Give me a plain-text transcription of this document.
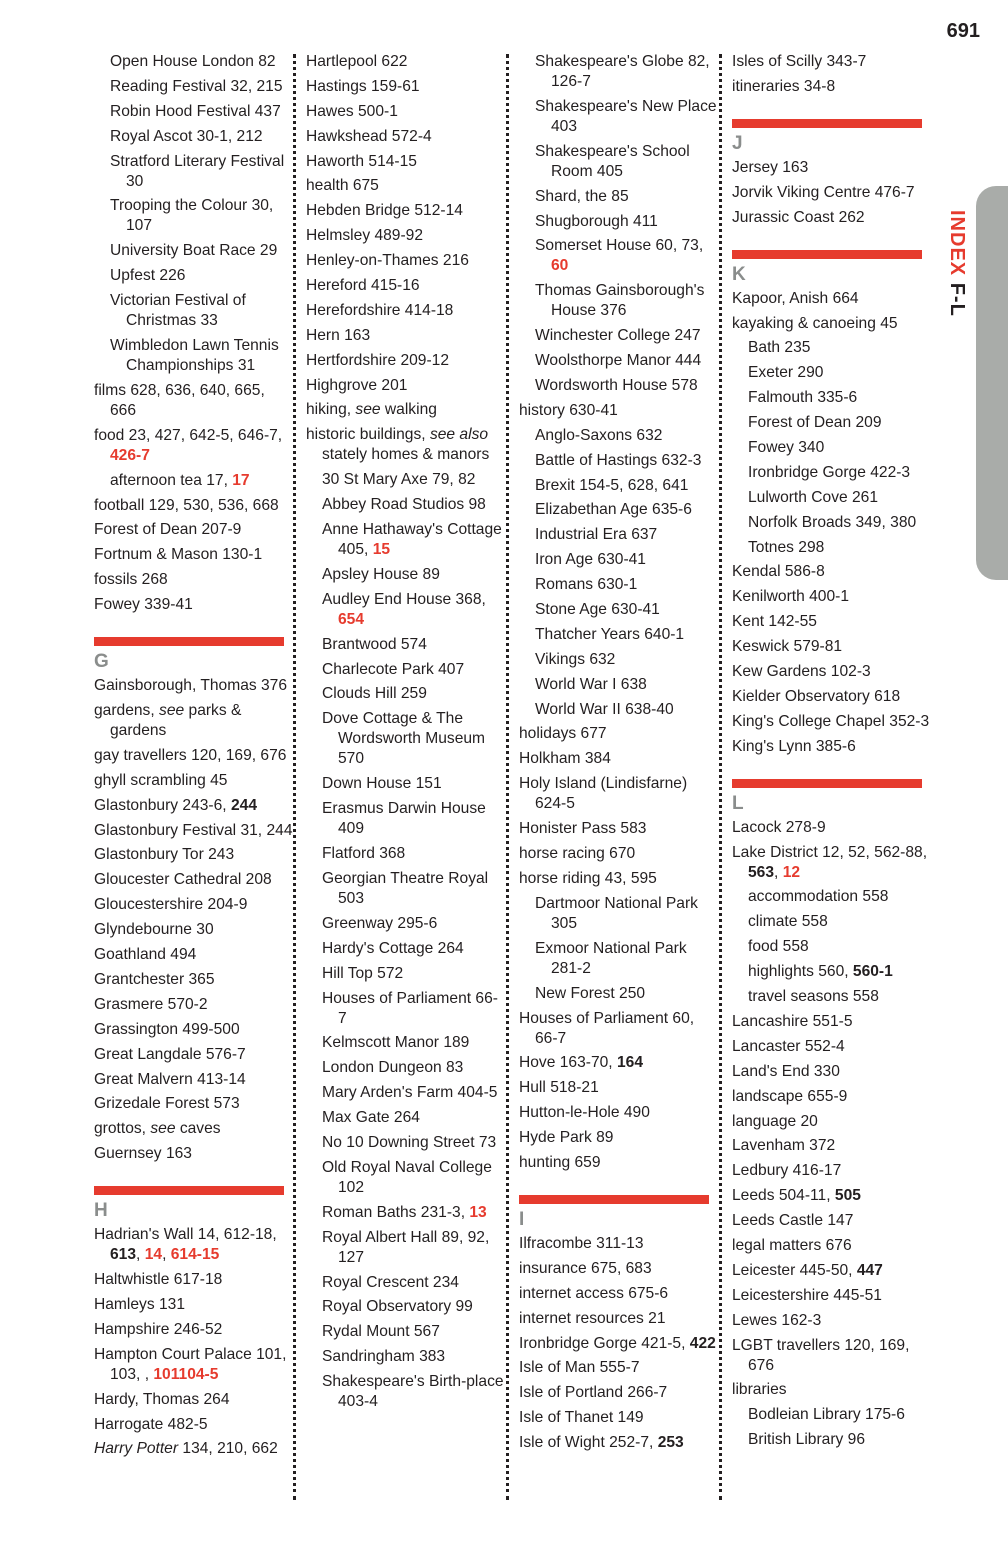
691
INDEX F-L
Open House London 82
Reading Festival 32, 215
Robin Hood Festival 437
Royal Ascot 30-1, 212
Stratford Literary Festival 30
Trooping the Colour 30, 107
University Boat Race 29
Upfest 226
Victorian Festival of Christmas 33
Wimbledon Lawn Tennis Championships 31
films 628, 636, 640, 665, 666
food 23, 427, 642-5, 646-7, 426-7
afternoon tea 17, 17
football 129, 530, 536, 668
Forest of Dean 207-9
Fortnum & Mason 130-1
fossils 268
Fowey 339-41
G
Gainsborough, Thomas 376
gardens, see parks & gardens
gay travellers 120, 169, 676
ghyll scrambling 45
Glastonbury 243-6, 244
Glastonbury Festival 31, 244
Glastonbury Tor 243
Gloucester Cathedral 208
Gloucestershire 204-9
Glyndebourne 30
Goathland 494
Grantchester 365
Grasmere 570-2
Grassington 499-500
Great Langdale 576-7
Great Malvern 413-14
Grizedale Forest 573
grottos, see caves
Guernsey 163
H
Hadrian's Wall 14, 612-18, 613, 14, 614-15
Haltwhistle 617-18
Hamleys 131
Hampshire 246-52
Hampton Court Palace 101, 103, , 101104-5
Hardy, Thomas 264
Harrogate 482-5
Harry Potter 134, 210, 662
Hartlepool 622
Hastings 159-61
Hawes 500-1
Hawkshead 572-4
Haworth 514-15
health 675
Hebden Bridge 512-14
Helmsley 489-92
Henley-on-Thames 216
Hereford 415-16
Herefordshire 414-18
Hern 163
Hertfordshire 209-12
Highgrove 201
hiking, see walking
historic buildings, see also stately homes & manors
30 St Mary Axe 79, 82
Abbey Road Studios 98
Anne Hathaway's Cottage 405, 15
Apsley House 89
Audley End House 368, 654
Brantwood 574
Charlecote Park 407
Clouds Hill 259
Dove Cottage & The Wordsworth Museum 570
Down House 151
Erasmus Darwin House 409
Flatford 368
Georgian Theatre Royal 503
Greenway 295-6
Hardy's Cottage 264
Hill Top 572
Houses of Parliament 66-7
Kelmscott Manor 189
London Dungeon 83
Mary Arden's Farm 404-5
Max Gate 264
No 10 Downing Street 73
Old Royal Naval College 102
Roman Baths 231-3, 13
Royal Albert Hall 89, 92, 127
Royal Crescent 234
Royal Observatory 99
Rydal Mount 567
Sandringham 383
Shakespeare's Birth-place 403-4
Shakespeare's Globe 82, 126-7
Shakespeare's New Place 403
Shakespeare's School Room 405
Shard, the 85
Shugborough 411
Somerset House 60, 73, 60
Thomas Gainsborough's House 376
Winchester College 247
Woolsthorpe Manor 444
Wordsworth House 578
history 630-41
Anglo-Saxons 632
Battle of Hastings 632-3
Brexit 154-5, 628, 641
Elizabethan Age 635-6
Industrial Era 637
Iron Age 630-41
Romans 630-1
Stone Age 630-41
Thatcher Years 640-1
Vikings 632
World War I 638
World War II 638-40
holidays 677
Holkham 384
Holy Island (Lindisfarne) 624-5
Honister Pass 583
horse racing 670
horse riding 43, 595
Dartmoor National Park 305
Exmoor National Park 281-2
New Forest 250
Houses of Parliament 60, 66-7
Hove 163-70, 164
Hull 518-21
Hutton-le-Hole 490
Hyde Park 89
hunting 659
I
Ilfracombe 311-13
insurance 675, 683
internet access 675-6
internet resources 21
Ironbridge Gorge 421-5, 422
Isle of Man 555-7
Isle of Portland 266-7
Isle of Thanet 149
Isle of Wight 252-7, 253
Isles of Scilly 343-7
itineraries 34-8
J
Jersey 163
Jorvik Viking Centre 476-7
Jurassic Coast 262
K
Kapoor, Anish 664
kayaking & canoeing 45
Bath 235
Exeter 290
Falmouth 335-6
Forest of Dean 209
Fowey 340
Ironbridge Gorge 422-3
Lulworth Cove 261
Norfolk Broads 349, 380
Totnes 298
Kendal 586-8
Kenilworth 400-1
Kent 142-55
Keswick 579-81
Kew Gardens 102-3
Kielder Observatory 618
King's College Chapel 352-3
King's Lynn 385-6
L
Lacock 278-9
Lake District 12, 52, 562-88, 563, 12
accommodation 558
climate 558
food 558
highlights 560, 560-1
travel seasons 558
Lancashire 551-5
Lancaster 552-4
Land's End 330
landscape 655-9
language 20
Lavenham 372
Ledbury 416-17
Leeds 504-11, 505
Leeds Castle 147
legal matters 676
Leicester 445-50, 447
Leicestershire 445-51
Lewes 162-3
LGBT travellers 120, 169, 676
libraries
Bodleian Library 175-6
British Library 96
